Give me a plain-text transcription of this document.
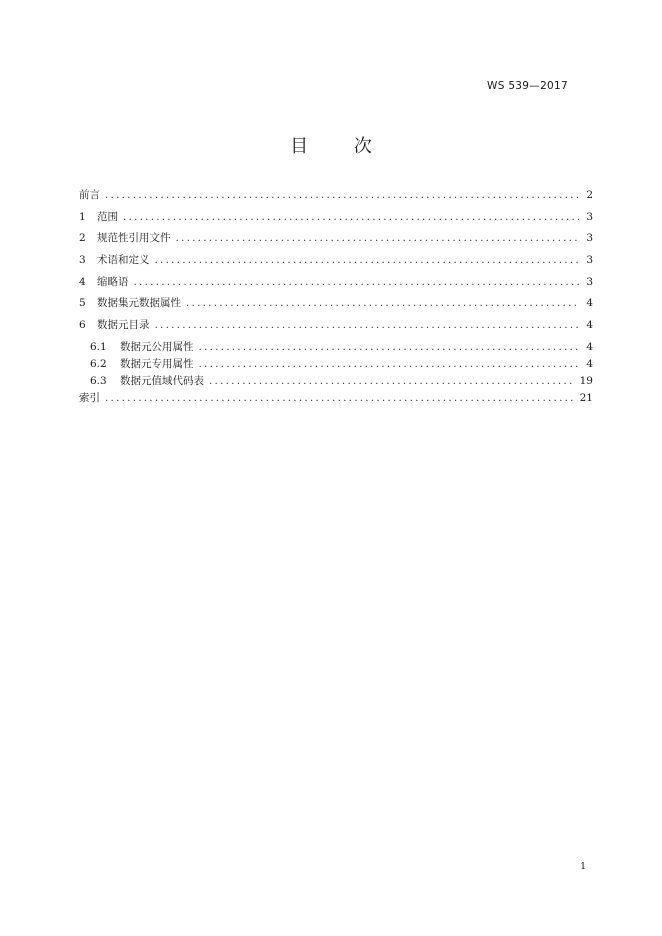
WS 539—2017
目 次
前言 .....	2
1	范围 .....	3
2	规范性引用文件 .....	3
3	术语和定义 .....	3
4	缩略语 .....	3
5	数据集元数据属性 .....	4
6	数据元目录 .....	4
6.1	数据元公用属性 .....	4
6.2	数据元专用属性 .....	4
6.3	数据元值域代码表 .....	19
索引 .....	21
1
